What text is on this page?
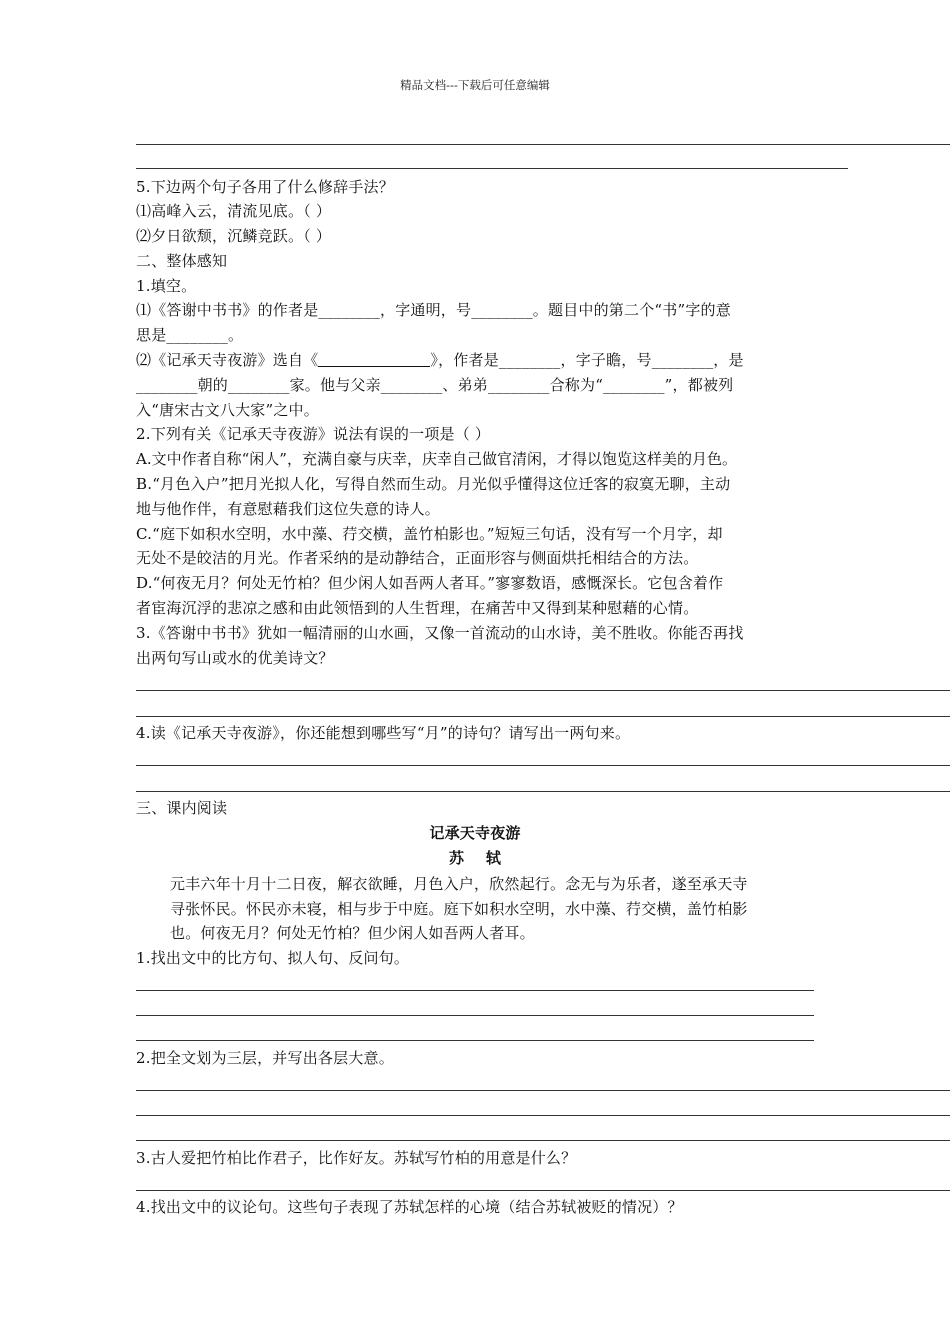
精品文档---下载后可任意编辑
5.下边两个句子各用了什么修辞手法？
⑴高峰入云，清流见底。（ ）
⑵夕日欲颓，沉鳞竞跃。（ ）
二、整体感知
1.填空。
⑴《答谢中书书》的作者是________，字通明，号________。题目中的第二个“书”字的意
思是________。
⑵《记承天寺夜游》选自《	》，作者是________，字子瞻，号________，是
________朝的________家。他与父亲________、弟弟________合称为“________”，都被列
入“唐宋古文八大家”之中。
2.下列有关《记承天寺夜游》说法有误的一项是（ ）
A.文中作者自称“闲人”，充满自豪与庆幸，庆幸自己做官清闲，才得以饱览这样美的月色。
B.“月色入户”把月光拟人化，写得自然而生动。月光似乎懂得这位迁客的寂寞无聊，主动
地与他作伴，有意慰藉我们这位失意的诗人。
C.“庭下如积水空明，水中藻、荇交横，盖竹柏影也。”短短三句话，没有写一个月字，却
无处不是皎洁的月光。作者采纳的是动静结合，正面形容与侧面烘托相结合的方法。
D.“何夜无月？何处无竹柏？但少闲人如吾两人者耳。”寥寥数语，感慨深长。它包含着作
者宦海沉浮的悲凉之感和由此领悟到的人生哲理，在痛苦中又得到某种慰藉的心情。
3.《答谢中书书》犹如一幅清丽的山水画，又像一首流动的山水诗，美不胜收。你能否再找
出两句写山或水的优美诗文？
4.读《记承天寺夜游》，你还能想到哪些写“月”的诗句？请写出一两句来。
三、课内阅读
记承天寺夜游
苏    轼
元丰六年十月十二日夜，解衣欲睡，月色入户，欣然起行。念无与为乐者，遂至承天寺
寻张怀民。怀民亦未寝，相与步于中庭。庭下如积水空明，水中藻、荇交横，盖竹柏影
也。何夜无月？何处无竹柏？但少闲人如吾两人者耳。
1.找出文中的比方句、拟人句、反问句。
2.把全文划为三层，并写出各层大意。
3.古人爱把竹柏比作君子，比作好友。苏轼写竹柏的用意是什么？
4.找出文中的议论句。这些句子表现了苏轼怎样的心境（结合苏轼被贬的情况）？
